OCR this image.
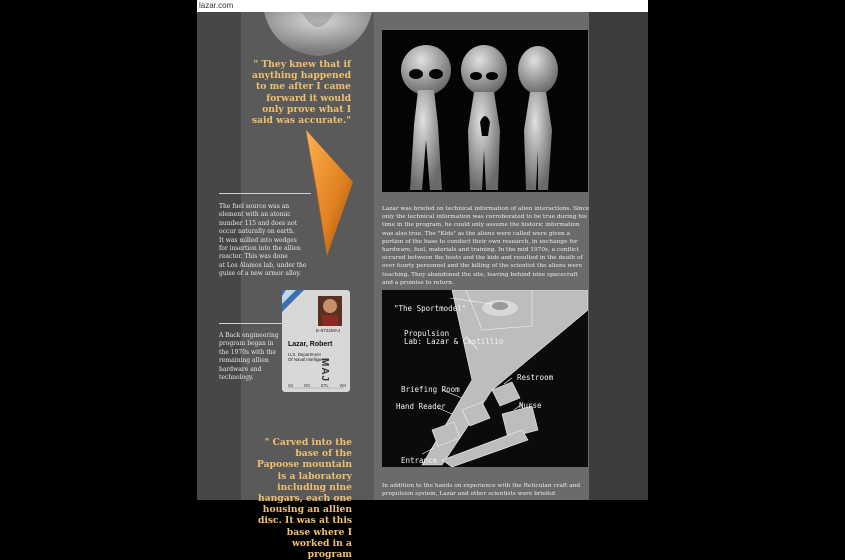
lazar.com
" They knew that if anything happened to me after I came forward it would only prove what I said was accurate."
The fuel source was an
element with an atomic
number 115 and does not
occur naturally on earth.
It was milled into wedges
for insertion into the allien
reactor. This was done
at Los Alamos lab, under the
guise of a new armor alloy.
E-6722MAJ
Lazar, Robert
U.S. Department
Of Naval Intelligence
MAJ
S4	DS	ETL	W4
A Back engineering
program began in
the 1970s with the
remaining allien
hardware and
technology.
" Carved into the base of the Papoose mountain is a laboratory including nine hangars, each one housing an allien disc. It was at this base where I worked in a program
Lazar was briefed on technical information of alien interactions. Since only the technical information was corroborated to be true during his time in the program, he could only assume the historic information was also true. The "Kids" as the aliens were called were given a portion of the base to conduct their own research, in exchange for hardware, fuel, materials and training. In the mid 1970s, a conflict occured between the hosts and the kids and resulted in the death of over fourty personnel and the killing of the scientist the aliens were teaching. They abandoned the site, leaving behind nine spacecraft and a promise to return.
"The Sportmodel"
Propulsion
Lab: Lazar & Castillio
Restroom
Briefing Room
Hand Reader	Nurse
Entrance
In addition to the hands on experience with the Reticulan craft and propulsion system, Lazar and other scientists were briefed
